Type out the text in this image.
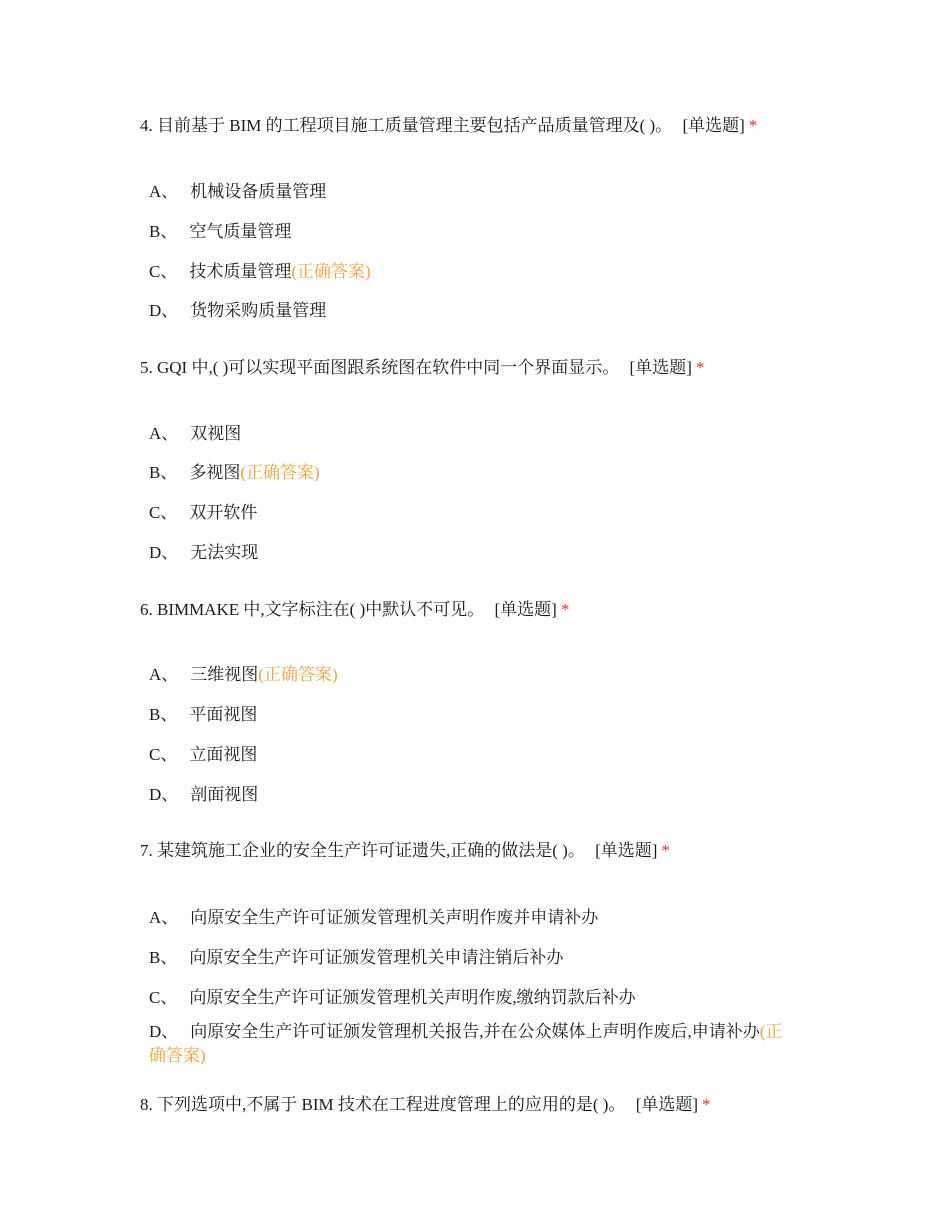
4. 目前基于 BIM 的工程项目施工质量管理主要包括产品质量管理及( )。 [单选题] *

A、 机械设备质量管理
B、 空气质量管理
C、 技术质量管理(正确答案)
D、 货物采购质量管理

5. GQI 中,( )可以实现平面图跟系统图在软件中同一个界面显示。 [单选题] *

A、 双视图
B、 多视图(正确答案)
C、 双开软件
D、 无法实现

6. BIMMAKE 中,文字标注在( )中默认不可见。 [单选题] *

A、 三维视图(正确答案)
B、 平面视图
C、 立面视图
D、 剖面视图

7. 某建筑施工企业的安全生产许可证遗失,正确的做法是( )。 [单选题] *

A、 向原安全生产许可证颁发管理机关声明作废并申请补办
B、 向原安全生产许可证颁发管理机关申请注销后补办
C、 向原安全生产许可证颁发管理机关声明作废,缴纳罚款后补办
D、 向原安全生产许可证颁发管理机关报告,并在公众媒体上声明作废后,申请补办(正确答案)

8. 下列选项中,不属于 BIM 技术在工程进度管理上的应用的是( )。 [单选题] *
